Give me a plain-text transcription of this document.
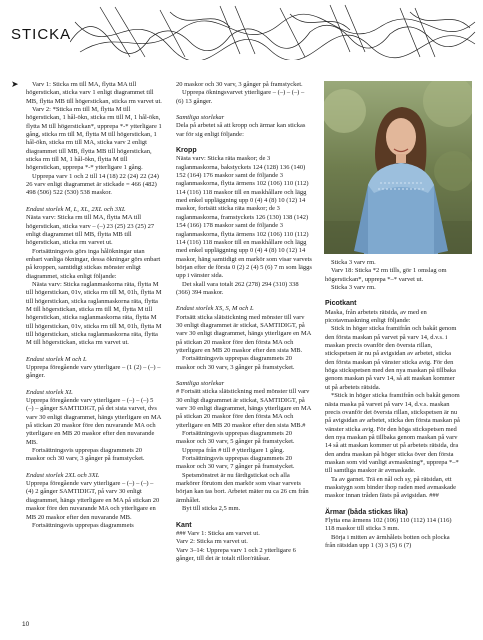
STICKA
➤	Varv 1: Sticka rm till MA, flytta MA till högerstickan, sticka varv 1 enligt diagrammet till MB, flytta MB till högerstickan, sticka rm varvet ut.

Varv 2: *Sticka rm till M, flytta M till högerstickan, 1 hål-ökn, sticka rm till M, 1 hål-ökn, flytta M till högerstickan*, upprepa *-* ytterligare 1 gång, sticka rm till M, flytta M till högerstickan, 1 hål-ökn, sticka rm till MA, sticka varv 2 enligt diagrammet till MB, flytta MB till högerstickan, sticka rm till M, 1 hål-ökn, flytta M till högerstickan, upprepa *-* ytterligare 1 gång.

Upprepa varv 1 och 2 till 14 (18) 22 (24) 22 (24) 26 varv enligt diagrammet är stickade = 466 (482) 498 (506) 522 (530) 538 maskor.

Endast storlek M, L, XL, 2XL och 3XL

Nästa varv: Sticka rm till MA, flytta MA till högerstickan, sticka varv – (–) 23 (25) 23 (25) 27 enligt diagrammet till MB, flytta MB till högerstickan, sticka rm varvet ut.

Fortsättningsvis görs inga hålökningar utan enbart vanliga ökningar, dessa ökningar görs enbart på kroppen, samtidigt stickas mönster enligt diagrammet, sticka enligt följande:

Nästa varv: Sticka raglanmaskorna räta, flytta M till högerstickan, 01v, sticka rm till M, 01h, flytta M till högerstickan, sticka raglanmaskorna räta, flytta M till högerstickan, sticka rm till M, flytta M till högerstickan, sticka raglanmaskorna räta, flytta M till högerstickan, 01v, sticka rm till M, 01h, flytta M till högerstickan, sticka raglanmaskorna räta, flytta M till högerstickan, sticka rm varvet ut.

Endast storlek M och L

Upprepa föregående varv ytterligare – (1 (2) – (–) – gånger.

Endast storlek XL

Upprepa föregående varv ytterligare – (–) – (–) 5 (–) – gånger SAMTIDIGT, på det sista varvet, dvs varv 30 enligt diagrammet, hängs ytterligare en MA på stickan 20 maskor före den nuvarande MA och ytterligare en MB 20 maskor efter den nuvarande MB.

Fortsättningsvis upprepas diagrammets 20 maskor och 30 varv, 3 gånger på framstycket.

Endast storlek 2XL och 3XL

Upprepa föregående varv ytterligare – (–) – (–) – (4) 2 gånger SAMTIDIGT, på varv 30 enligt diagrammet, hängs ytterligare en MA på stickan 20 maskor före den nuvarande MA och ytterligare en MB 20 maskor efter den nuvarande MB.

Fortsättningsvis upprepas diagrammets

20 maskor och 30 varv, 3 gånger på framstycket.

Upprepa ökningsvarvet ytterligare – (–) – (–) – (6) 13 gånger.

Samtliga storlekar

Dela på arbetet så att kropp och ärmar kan stickas var för sig enligt följande:

Kropp

Nästa varv: Sticka räta maskor; de 3 raglanmaskorna, bakstyckets 124 (128) 136 (140) 152 (164) 176 maskor samt de följande 3 raglanmaskorna, flytta ärmens 102 (106) 110 (112) 114 (116) 118 maskor till en maskhållare och lägg med enkel uppläggning upp 0 (4) 4 (8) 10 (12) 14 maskor, fortsätt sticka räta maskor; de 3 raglanmaskorna, framstyckets 126 (130) 138 (142) 154 (166) 178 maskor samt de följande 3 raglanmaskorna, flytta ärmens 102 (106) 110 (112) 114 (116) 118 maskor till en maskhållare och lägg med enkel uppläggning upp 0 (4) 4 (8) 10 (12) 14 maskor, häng samtidigt en markör som visar varvets början efter de första 0 (2) 2 (4) 5 (6) 7 m som läggs upp i vänster sida.

Det skall vara totalt 262 (278) 294 (310) 338 (366) 394 maskor.

Endast storlek XS, S, M och L

Fortsätt sticka slätstickning med mönster till varv 30 enligt diagrammet är stickat, SAMTIDIGT, på varv 30 enligt diagrammet, hängs ytterligare en MA på stickan 20 maskor före den första MA och ytterligare en MB 20 maskor efter den sista MB.

Fortsättningsvis upprepas diagrammets 20 maskor och 30 varv, 3 gånger på framstycket.

Samtliga storlekar

# Fortsätt sticka slätstickning med mönster till varv 30 enligt diagrammet är stickat, SAMTIDIGT, på varv 30 enligt diagrammet, hängs ytterligare en MA på stickan 20 maskor före den första MA och ytterligare en MB 20 maskor efter den sista MB.#

Fortsättningsvis upprepas diagrammets 20 maskor och 30 varv, 5 gånger på framstycket.

Upprepa från # till # ytterligare 1 gång.

Fortsättningsvis upprepas diagrammets 20 maskor och 30 varv, 7 gånger på framstycket.

Spetsmönstret är nu färdigstickat och alla markörer förutom den markör som visar varvets början kan tas bort. Arbetet mäter nu ca 26 cm från ärmhålet.

Byt till sticka 2,5 mm.

Kant

### Varv 1: Sticka am varvet ut.

Varv 2: Sticka rm varvet ut.

Varv 3–14: Upprepa varv 1 och 2 ytterligare 6 gånger, till det är totalt rillor/rätåsar.

Sticka 3 varv rm.

Varv 18: Sticka *2 rm tills, gör 1 omslag om högerstickan*, upprepa *–* varvet ut.

Sticka 3 varv rm.

Picotkant

Maska, från arbetets rätsida, av med en picotavmaskning enligt följande:

Stick in höger sticka framifrån och bakåt genom den första maskan på varvet på varv 14, d.v.s. i maskan precis ovanför den översta rillan, stickspetsen är nu på avigsidan av arbetet, sticka den första maskan på vänster sticka avig. För den höga stickspetsen med den nya maskan på tillbaka genom maskan på varv 14, så att maskan kommer ut på arbetets rätsida.

*Stick in höger sticka framifrån och bakåt genom nästa maska på varvet på varv 14, d.v.s. maskan precis ovanför det översta rillan, stickspetsen är nu på avigsidan av arbetet, sticka den första maskan på vänster sticka avig. För den höga stickspetsen med den nya maskan på tillbaka genom maskan på varv 14 så att maskan kommer ut på arbetets rätsida, dra den andra maskan på höger sticka över den första maskan som vid vanligt avmaskning*, upprepa *–* till samtliga maskor är avmaskade.

Ta av garnet. Trä en nål och sy, på rätsidan, ett maskstygn som binder ihop raden med avmaskade maskor innan tråden fästs på avigsidan. ###

Ärmar (båda stickas lika)

Flytta ena ärmens 102 (106) 110 (112) 114 (116) 118 maskor till sticka 3 mm.

Börja i mitten av ärmhålets botten och plocka från rätsidan upp 1 (3) 3 (5) 6 (7)

10
